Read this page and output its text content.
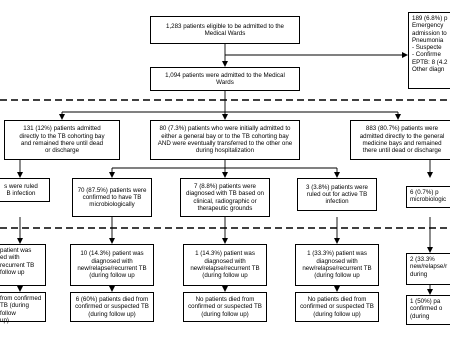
1,283 patients eligible to be admitted to the
Medical Wards
189 (6.8%) p
Emergency
admission to
Pneumonia
- Suspecte
- Confirme
EPTB: 8 (4.2
Other diagn
1,094 patients were admitted to the Medical
Wards
131 (12%) patients admitted
directly to the TB cohorting bay
and remained there until dead
or discharge
80 (7.3%) patients who were initially admitted to
either a general bay or to the TB cohorting bay
AND were eventually transferred to the other one
during hospitalization
883 (80.7%) patients were
admitted directly to the general
medicine bays and remained
there until dead or discharge
s were ruled
B infection	70 (87.5%) patients were
confirmed to have TB
microbiologically
7 (8.8%) patients were
diagnosed with TB based on
clinical, radiographic or
therapeutic grounds
3 (3.8%) patients were
ruled out for active TB
infection
6 (0.7%) p
microbiologic
patient was
ed with
recurrent TB
follow up
10 (14.3%) patient was
diagnosed with
new/relapse/recurrent TB
(during follow up
1 (14.3%) patient was
diagnosed with
new/relapse/recurrent TB
(during follow up
1 (33.3%) patient was
diagnosed with
new/relapse/recurrent TB
(during follow up
2 (33.3%
new/relapse/r
during
from confirmed
TB (during follow
up)
6 (60%) patients died from
confirmed or suspected TB
(during follow up)
No patients died from
confirmed or suspected TB
(during follow up)
No patients died from
confirmed or suspected TB
(during follow up)
1 (50%) pa
confirmed o
(during
